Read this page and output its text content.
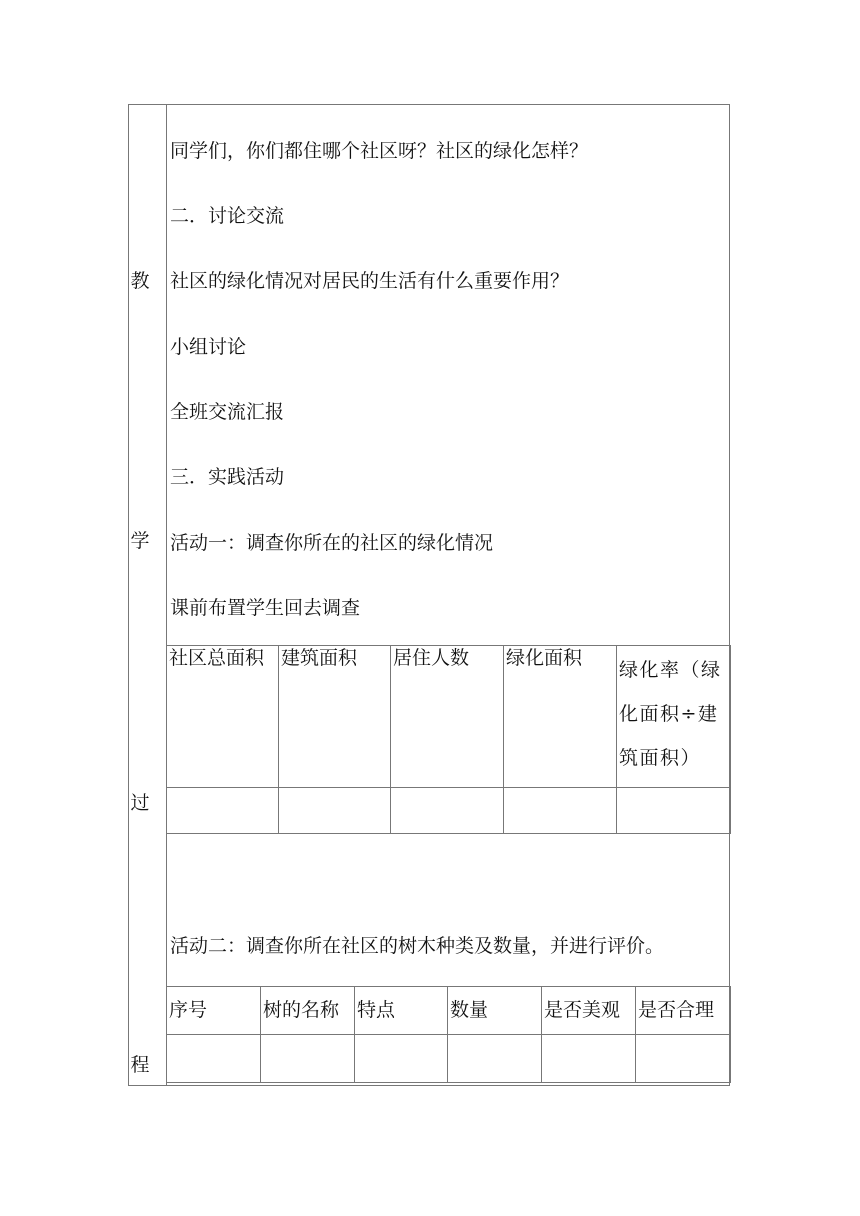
教
学
过
程
同学们，你们都住哪个社区呀？社区的绿化怎样？
二．讨论交流
社区的绿化情况对居民的生活有什么重要作用？
小组讨论
全班交流汇报
三．实践活动
活动一：调查你所在的社区的绿化情况
课前布置学生回去调查
社区总面积	建筑面积	居住人数	绿化面积	绿化率（绿化面积÷建筑面积）

活动二：调查你所在社区的树木种类及数量，并进行评价。
序号	树的名称	特点	数量	是否美观	是否合理
